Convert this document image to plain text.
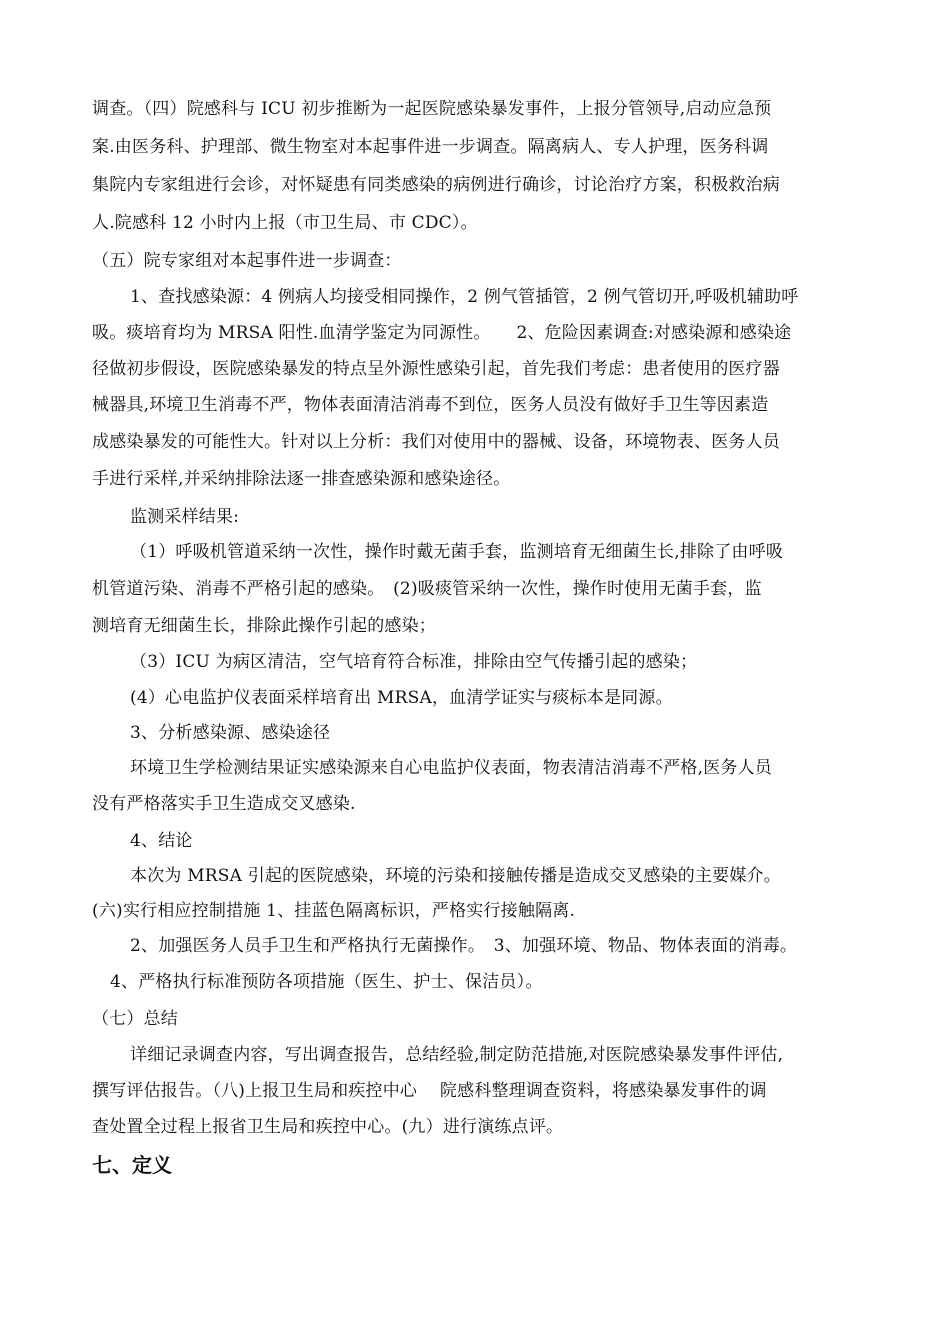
调查。（四）院感科与 ICU 初步推断为一起医院感染暴发事件，上报分管领导,启动应急预
案.由医务科、护理部、微生物室对本起事件进一步调查。隔离病人、专人护理，医务科调
集院内专家组进行会诊，对怀疑患有同类感染的病例进行确诊，讨论治疗方案，积极救治病
人.院感科 12 小时内上报（市卫生局、市 CDC）。
（五）院专家组对本起事件进一步调查：
1、查找感染源：4 例病人均接受相同操作，2 例气管插管，2 例气管切开,呼吸机辅助呼
吸。痰培育均为 MRSA 阳性.血清学鉴定为同源性。　　2、危险因素调查:对感染源和感染途
径做初步假设，医院感染暴发的特点呈外源性感染引起，首先我们考虑：患者使用的医疗器
械器具,环境卫生消毒不严，物体表面清洁消毒不到位，医务人员没有做好手卫生等因素造
成感染暴发的可能性大。针对以上分析：我们对使用中的器械、设备，环境物表、医务人员
手进行采样,并采纳排除法逐一排查感染源和感染途径。
监测采样结果:
（1）呼吸机管道采纳一次性，操作时戴无菌手套，监测培育无细菌生长,排除了由呼吸
机管道污染、消毒不严格引起的感染。　(2)吸痰管采纳一次性，操作时使用无菌手套，监
测培育无细菌生长，排除此操作引起的感染；
（3）ICU 为病区清洁，空气培育符合标准，排除由空气传播引起的感染；
(4）心电监护仪表面采样培育出 MRSA，血清学证实与痰标本是同源。
3、分析感染源、感染途径
环境卫生学检测结果证实感染源来自心电监护仪表面，物表清洁消毒不严格,医务人员
没有严格落实手卫生造成交叉感染.
4、结论
本次为 MRSA 引起的医院感染，环境的污染和接触传播是造成交叉感染的主要媒介。
(六)实行相应控制措施 1、挂蓝色隔离标识，严格实行接触隔离.
2、加强医务人员手卫生和严格执行无菌操作。　3、加强环境、物品、物体表面的消毒。
4、严格执行标准预防各项措施（医生、护士、保洁员）。
（七）总结
详细记录调查内容，写出调查报告，总结经验,制定防范措施,对医院感染暴发事件评估,
撰写评估报告。（八)上报卫生局和疾控中心　 院感科整理调查资料，将感染暴发事件的调
查处置全过程上报省卫生局和疾控中心。(九）进行演练点评。
七、定义
